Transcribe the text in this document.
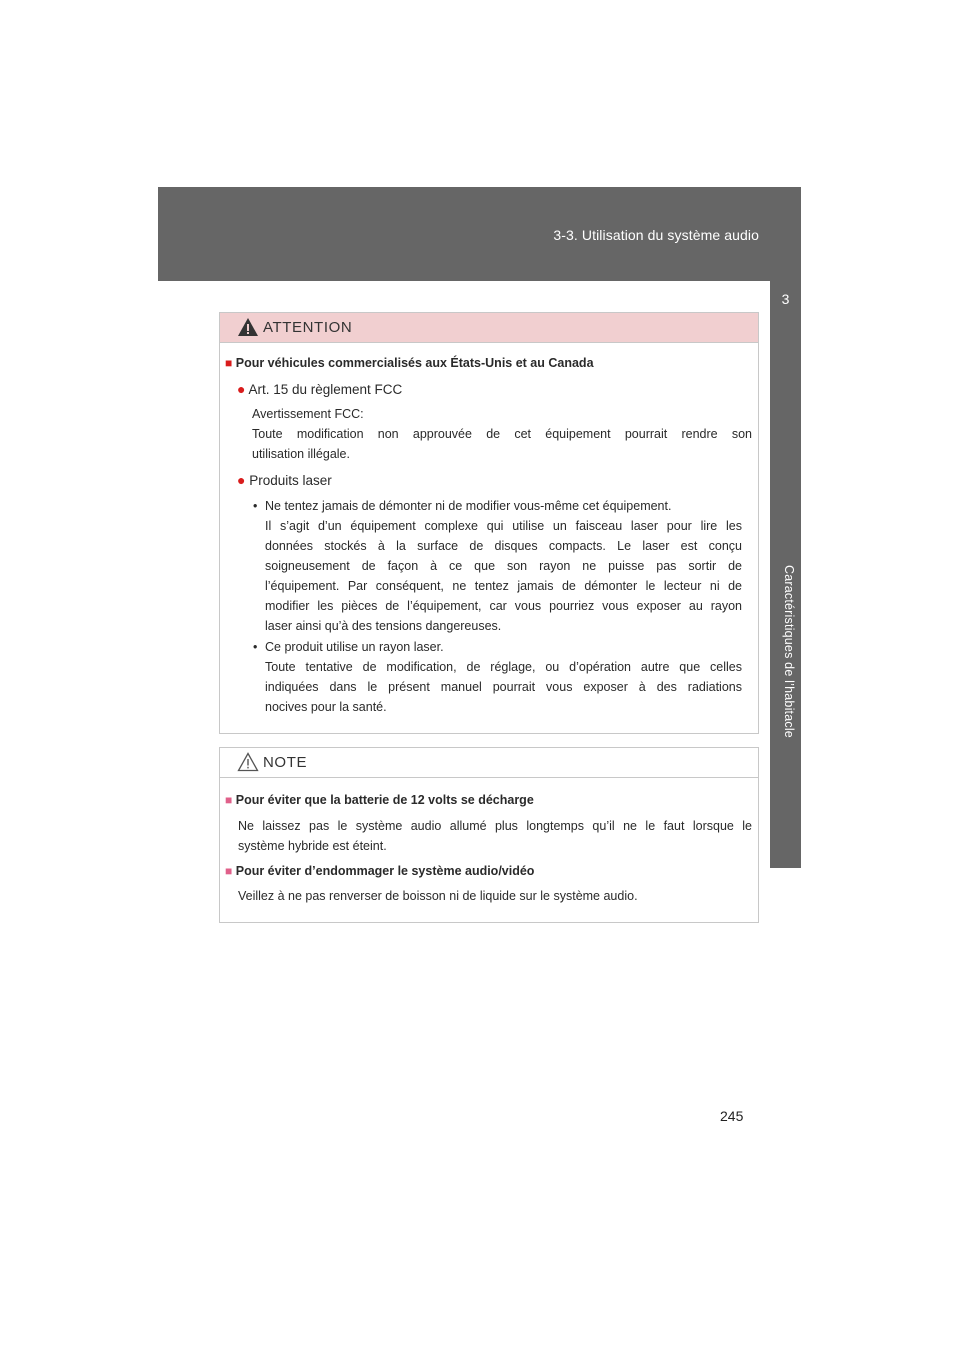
3-3. Utilisation du système audio
3
Caractéristiques de l’habitacle
ATTENTION
■ Pour véhicules commercialisés aux États-Unis et au Canada
● Art. 15 du règlement FCC
Avertissement FCC:
Toute modification non approuvée de cet équipement pourrait rendre son
utilisation illégale.
● Produits laser
• Ne tentez jamais de démonter ni de modifier vous-même cet équipement.
Il s’agit d’un équipement complexe qui utilise un faisceau laser pour lire les
données stockés à la surface de disques compacts. Le laser est conçu
soigneusement de façon à ce que son rayon ne puisse pas sortir de
l’équipement. Par conséquent, ne tentez jamais de démonter le lecteur ni de
modifier les pièces de l’équipement, car vous pourriez vous exposer au rayon
laser ainsi qu’à des tensions dangereuses.
• Ce produit utilise un rayon laser.
Toute tentative de modification, de réglage, ou d’opération autre que celles
indiquées dans le présent manuel pourrait vous exposer à des radiations
nocives pour la santé.
NOTE
■ Pour éviter que la batterie de 12 volts se décharge
Ne laissez pas le système audio allumé plus longtemps qu’il ne le faut lorsque le
système hybride est éteint.
■ Pour éviter d’endommager le système audio/vidéo
Veillez à ne pas renverser de boisson ni de liquide sur le système audio.
245
